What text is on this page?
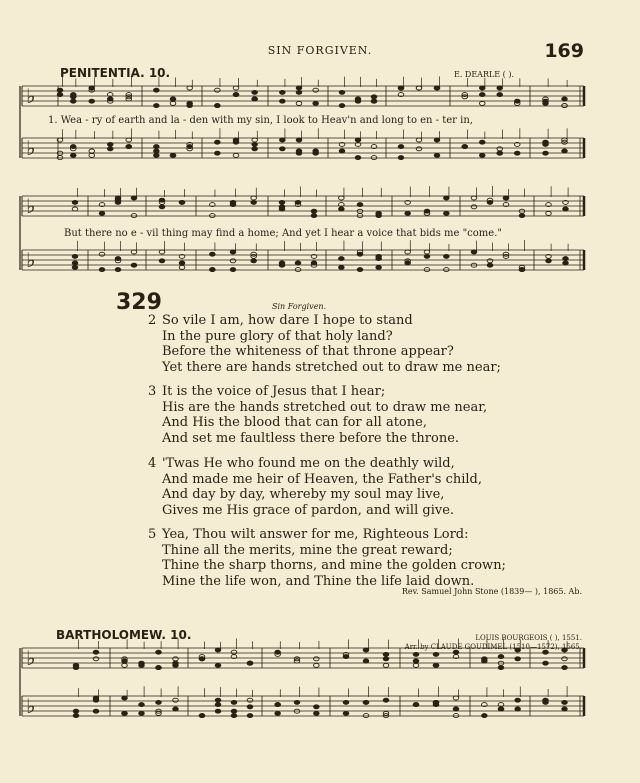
SIN FORGIVEN.	169
PENITENTIA. 10.	E. DEARLE ( ).
♭
♭
♭
♭
♭
♭
1. Wea - ry of earth and la - den with my sin, I look to Heav'n and long to en - ter in,
But there no e - vil thing may find a home; And yet I hear a voice that bids me "come."
329	Sin Forgiven.
2 So vile I am, how dare I hope to stand
In the pure glory of that holy land?
Before the whiteness of that throne appear?
Yet there are hands stretched out to draw me near;
3 It is the voice of Jesus that I hear;
His are the hands stretched out to draw me near,
And His the blood that can for all atone,
And set me faultless there before the throne.
4 'Twas He who found me on the deathly wild,
And made me heir of Heaven, the Father's child,
And day by day, whereby my soul may live,
Gives me His grace of pardon, and will give.
5 Yea, Thou wilt answer for me, Righteous Lord:
Thine all the merits, mine the great reward;
Thine the sharp thorns, and mine the golden crown;
Mine the life won, and Thine the life laid down.
Rev. Samuel John Stone (1839— ), 1865. Ab.
BARTHOLOMEW. 10.	LOUIS BOURGEOIS ( ), 1551.
Arr. by CLAUDE GOUDIMEL (1510—1572), 1565.
